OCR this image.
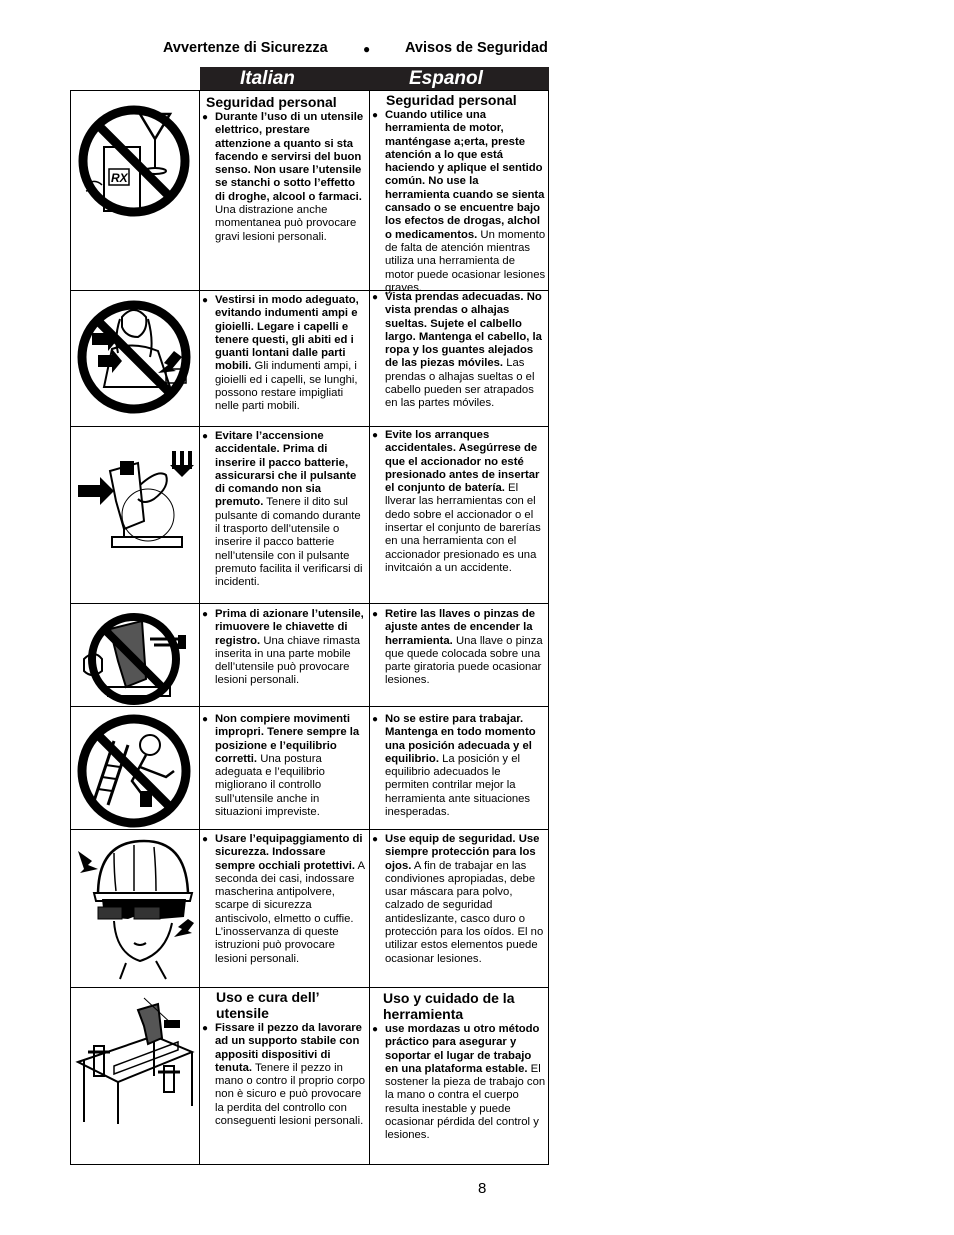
Avvertenze di Sicurezza	● Avisos de Seguridad
Italian	Espanol
RX
Seguridad personal
● Durante l’uso di un utensile elettrico, prestare attenzione a quanto si sta facendo e servirsi del buon senso. Non usare l’utensile se stanchi o sotto l’effetto di droghe, alcool o farmaci. Una distrazione anche momentanea può provocare gravi lesioni personali.
Seguridad personal
● Cuando utilice una herramienta de motor, manténgase a;erta, preste atención a lo que está haciendo y aplique el sentido común. No use la herramienta cuando se sienta cansado o se encuentre bajo los efectos de drogas, alchol o medicamentos. Un momento de falta de atención mientras utiliza una herramienta de motor puede ocasionar lesiones graves.
● Vestirsi in modo adeguato, evitando indumenti ampi e gioielli. Legare i capelli e tenere questi, gli abiti ed i guanti lontani dalle parti mobili. Gli indumenti ampi, i gioielli ed i capelli, se lunghi, possono restare impigliati nelle parti mobili.
● Vista prendas adecuadas. No vista prendas o alhajas sueltas. Sujete el calbello largo. Mantenga el cabello, la ropa y los guantes alejados de las piezas móviles. Las prendas o alhajas sueltas o el cabello pueden ser atrapados en las partes móviles.
● Evitare l’accensione accidentale. Prima di inserire il pacco batterie, assicurarsi che il pulsante di comando non sia premuto. Tenere il dito sul pulsante di comando durante il trasporto dell’utensile o inserire il pacco batterie nell’utensile con il pulsante premuto facilita il verificarsi di incidenti.
● Evite los arranques accidentales. Asegúrrese de que el accionador no esté presionado antes de insertar el conjunto de batería. El llverar las herramientas con el dedo sobre el accionador o el insertar el conjunto de barerías en una herramienta con el accionador presionado es una invitcaión a un accidente.
● Prima di azionare l’utensile, rimuovere le chiavette di registro. Una chiave rimasta inserita in una parte mobile dell’utensile può provocare lesioni personali.
● Retire las llaves o pinzas de ajuste antes de encender la herramienta. Una llave o pinza que quede colocada sobre una parte giratoria puede ocasionar lesiones.
● Non compiere movimenti impropri. Tenere sempre la posizione e l’equilibrio corretti. Una postura adeguata e l’equilibrio migliorano il controllo sull’utensile anche in situazioni impreviste.
● No se estire para trabajar. Mantenga en todo momento una posición adecuada y el equilibrio. La posición y el equilibrio adecuados le permiten contrilar mejor la herramienta ante situaciones inesperadas.
● Usare l’equipaggiamento di sicurezza. Indossare sempre occhiali protettivi. A seconda dei casi, indossare mascherina antipolvere, scarpe di sicurezza antiscivolo, elmetto o cuffie. L’inosservanza di queste istruzioni può provocare lesioni personali.
● Use equip de seguridad. Use siempre protección para los ojos. A fin de trabajar en las condiviones apropiadas, debe usar máscara para polvo, calzado de seguridad antideslizante, casco duro o protección para los oídos. El no utilizar estos elementos puede ocasionar lesiones.
Uso e cura dell’ utensile
● Fissare il pezzo da lavorare ad un supporto stabile con appositi dispositivi di tenuta. Tenere il pezzo in mano o contro il proprio corpo non è sicuro e può provocare la perdita del controllo con conseguenti lesioni personali.
Uso y cuidado de la herramienta
● use mordazas u otro método práctico para asegurar y soportar el lugar de trabajo en una plataforma estable. El sostener la pieza de trabajo con la mano o contra el cuerpo resulta inestable y puede ocasionar pérdida del control y lesiones.
8
